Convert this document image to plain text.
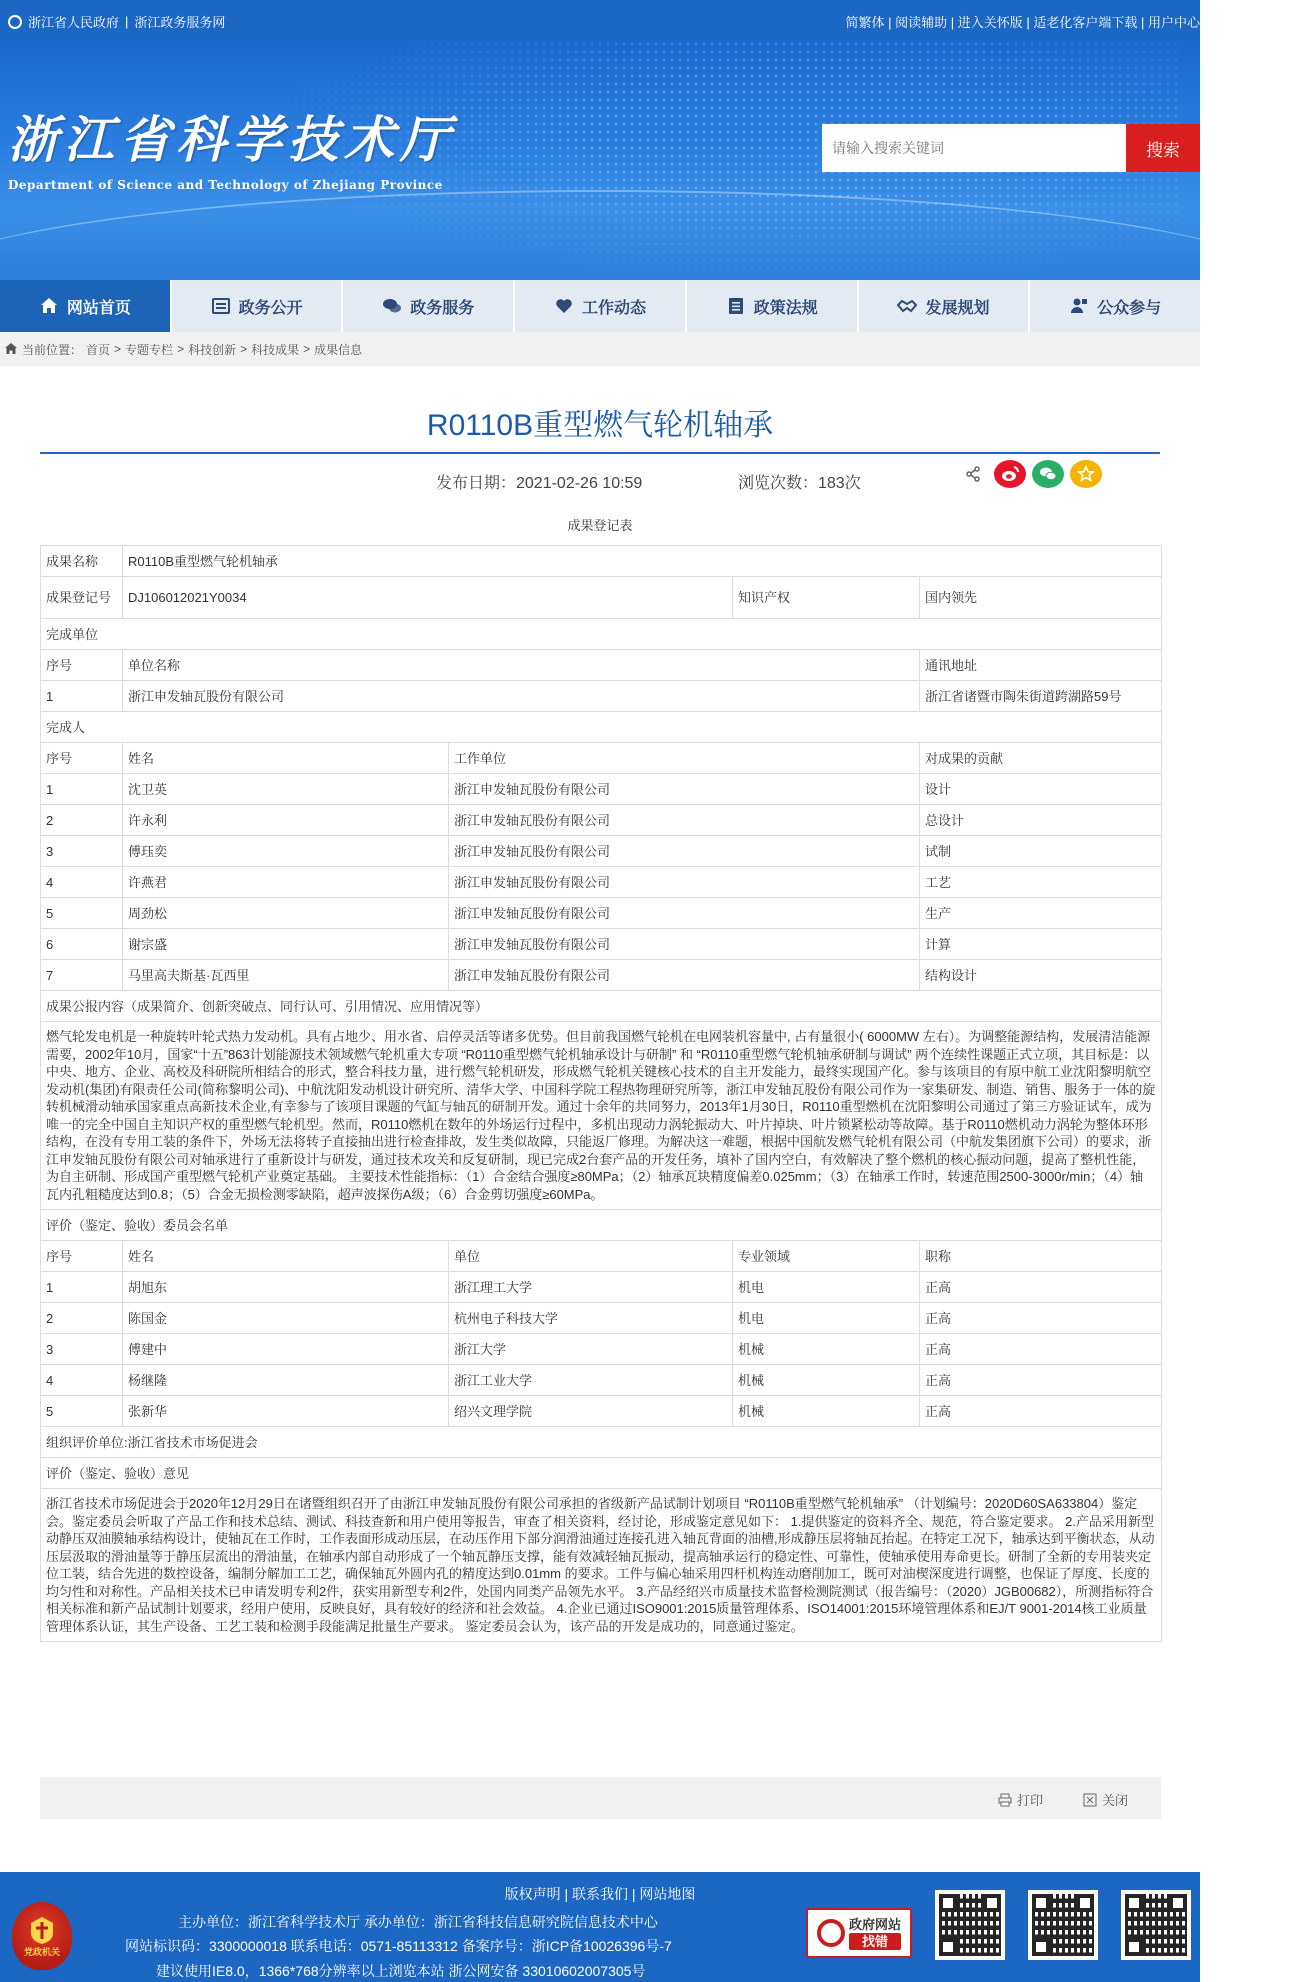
浙江省人民政府 | 浙江政务服务网	简繁体 | 阅读辅助 | 进入关怀版 | 适老化客户端下载 | 用户中心
浙江省科学技术厅
Department of Science and Technology of Zhejiang Province
请输入搜索关键词
搜索
网站首页	政务公开	政务服务	工作动态	政策法规	发展规划	公众参与
当前位置： 首页 > 专题专栏 > 科技创新 > 科技成果 > 成果信息
R0110B重型燃气轮机轴承
发布日期：2021-02-26 10:59	浏览次数：183次
成果登记表
成果名称	R0110B重型燃气轮机轴承			
成果登记号	DJ106012021Y0034		知识产权	国内领先
完成单位				
序号	单位名称			通讯地址
1	浙江申发轴瓦股份有限公司			浙江省诸暨市陶朱街道跨湖路59号
完成人				
序号	姓名	工作单位		对成果的贡献
1	沈卫英	浙江申发轴瓦股份有限公司		设计
2	许永利	浙江申发轴瓦股份有限公司		总设计
3	傅珏奕	浙江申发轴瓦股份有限公司		试制
4	许燕君	浙江申发轴瓦股份有限公司		工艺
5	周劲松	浙江申发轴瓦股份有限公司		生产
6	谢宗盛	浙江申发轴瓦股份有限公司		计算
7	马里高夫斯基·瓦西里	浙江申发轴瓦股份有限公司		结构设计
成果公报内容（成果简介、创新突破点、同行认可、引用情况、应用情况等）				
燃气轮发电机是一种旋转叶轮式热力发动机。具有占地少、用水省、启停灵活等诸多优势。但目前我国燃气轮机在电网装机容量中, 占有量很小( 6000MW 左右）。为调整能源结构，发展清洁能源需要，2002年10月，国家“十五”863计划能源技术领域燃气轮机重大专项 “R0110重型燃气轮机轴承设计与研制” 和 “R0110重型燃气轮机轴承研制与调试” 两个连续性课题正式立项，其目标是：以中央、地方、企业、高校及科研院所相结合的形式，整合科技力量，进行燃气轮机研发，形成燃气轮机关键核心技术的自主开发能力，最终实现国产化。参与该项目的有原中航工业沈阳黎明航空发动机(集团)有限责任公司(简称黎明公司)、中航沈阳发动机设计研究所、清华大学、中国科学院工程热物理研究所等，浙江申发轴瓦股份有限公司作为一家集研发、制造、销售、服务于一体的旋转机械滑动轴承国家重点高新技术企业,有幸参与了该项目课题的气缸与轴瓦的研制开发。通过十余年的共同努力，2013年1月30日，R0110重型燃机在沈阳黎明公司通过了第三方验证试车，成为唯一的完全中国自主知识产权的重型燃气轮机型。然而，R0110燃机在数年的外场运行过程中，多机出现动力涡轮振动大、叶片掉块、叶片锁紧松动等故障。基于R0110燃机动力涡轮为整体环形结构，在没有专用工装的条件下，外场无法将转子直接抽出进行检查排故，发生类似故障，只能返厂修理。为解决这一难题，根据中国航发燃气轮机有限公司（中航发集团旗下公司）的要求，浙江申发轴瓦股份有限公司对轴承进行了重新设计与研发，通过技术攻关和反复研制，现已完成2台套产品的开发任务，填补了国内空白，有效解决了整个燃机的核心振动问题，提高了整机性能，为自主研制、形成国产重型燃气轮机产业奠定基础。 主要技术性能指标：（1）合金结合强度≥80MPa；（2）轴承瓦块精度偏差0.025mm；（3）在轴承工作时，转速范围2500-3000r/min；（4）轴瓦内孔粗糙度达到0.8；（5）合金无损检测零缺陷，超声波探伤A级；（6）合金剪切强度≥60MPa。				
评价（鉴定、验收）委员会名单				
序号	姓名	单位	专业领域	职称
1	胡旭东	浙江理工大学	机电	正高
2	陈国金	杭州电子科技大学	机电	正高
3	傅建中	浙江大学	机械	正高
4	杨继隆	浙江工业大学	机械	正高
5	张新华	绍兴文理学院	机械	正高
组织评价单位:浙江省技术市场促进会				
评价（鉴定、验收）意见				
浙江省技术市场促进会于2020年12月29日在诸暨组织召开了由浙江申发轴瓦股份有限公司承担的省级新产品试制计划项目 “R0110B重型燃气轮机轴承” （计划编号：2020D60SA633804）鉴定会。鉴定委员会听取了产品工作和技术总结、测试、科技查新和用户使用等报告，审查了相关资料，经讨论，形成鉴定意见如下： 1.提供鉴定的资料齐全、规范，符合鉴定要求。 2.产品采用新型动静压双油膜轴承结构设计，使轴瓦在工作时，工作表面形成动压层，在动压作用下部分润滑油通过连接孔进入轴瓦背面的油槽,形成静压层将轴瓦抬起。在特定工况下，轴承达到平衡状态，从动压层汲取的滑油量等于静压层流出的滑油量，在轴承内部自动形成了一个轴瓦静压支撑，能有效减轻轴瓦振动，提高轴承运行的稳定性、可靠性，使轴承使用寿命更长。研制了全新的专用装夹定位工装，结合先进的数控设备，编制分解加工工艺，确保轴瓦外圆内孔的精度达到0.01mm 的要求。工件与偏心轴采用四杆机构连动磨削加工，既可对油楔深度进行调整，也保证了厚度、长度的均匀性和对称性。产品相关技术已申请发明专利2件，获实用新型专利2件，处国内同类产品领先水平。 3.产品经绍兴市质量技术监督检测院测试（报告编号：（2020）JGB00682），所测指标符合相关标准和新产品试制计划要求，经用户使用，反映良好，具有较好的经济和社会效益。 4.企业已通过ISO9001:2015质量管理体系、ISO14001:2015环境管理体系和EJ/T 9001-2014核工业质量管理体系认证，其生产设备、工艺工装和检测手段能满足批量生产要求。 鉴定委员会认为，该产品的开发是成功的，同意通过鉴定。				
打印	关闭
版权声明 | 联系我们 | 网站地图
党政机关
主办单位：浙江省科学技术厅 承办单位：浙江省科技信息研究院信息技术中心
网站标识码：3300000018 联系电话：0571-85113312 备案序号：浙ICP备10026396号-7
建议使用IE8.0，1366*768分辨率以上浏览本站 浙公网安备 33010602007305号
政府网站
找错
